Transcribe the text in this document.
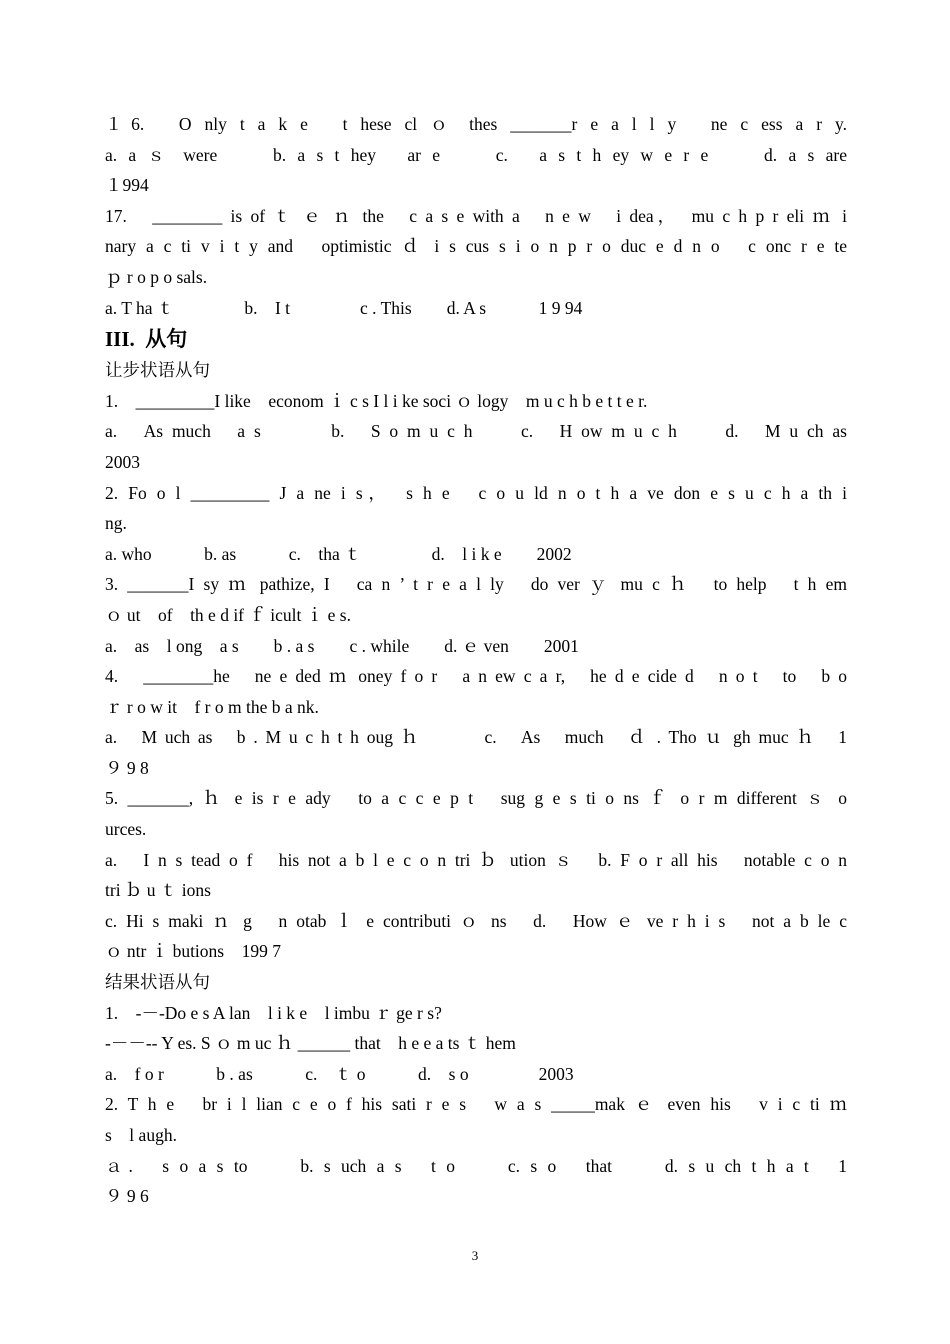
１6.　O nly t a k e　t hese cl ｏ thes _______r e a l l y　ne c ess a r y.
a. a ｓ were　　b. a s t hey　ar e　　c.　a s t h ey w e r e　　d. a s are
１994
17.　________ is of ｔ ｅ ｎ the　c a s e with a　n e w　i dea，　mu c h p r eli ｍ i
nary a c ti v i t y and　optimistic ｄ i s cus s i o n p r o duc e d n o　c onc r e te
ｐ r o p o sals.
a. T ha ｔ　　　　b.　I t　　　　c . This　　d. A s　　　1 9 94
III.  从句
让步状语从句
1.　_________I like　econom ｉ c s I l i ke soci ｏ logy　m u c h b e t t e r.
a.　As much　a s　　　b.　S o m u c h　　c.　H ow m u c h　　d.　M u ch as
2003
2. Fo o l _________ J a ne i s，　s h e　c o u ld n o t h a ve don e s u c h a th i
ng.
a. who　　　b. as　　　c.　tha ｔ　　　　d.　l i k e　　2002
3. _______I sy ｍ pathize, I　ca n ’ t r e a l ly　do ver ｙ mu c ｈ　to help　t h em
ｏ ut　of　th e d if ｆ icult ｉ e s.
a.　as　l ong　a s　　b . a s　　c . while　　d. ｅ ven　　2001
4.　________he　ne e ded ｍ oney f o r　a n ew c a r,　he d e cide d　n o t　to　b o
ｒ r o w it　f r o m the b a nk.
a.　M uch as　b . M u c h t h oug ｈ　　　c.　As　much　ｄ . Tho ｕ gh muc ｈ　1
９ 9 8
5. _______, ｈ e is r e ady　to a c c e p t　sug g e s ti o ns ｆ o r m different ｓ o
urces.
a.　I n s tead o f　his not a b l e c o n tri ｂ ution ｓ　b. F o r all his　notable c o n
tri ｂ u ｔ ions
c. Hi s maki ｎ g　n otab ｌ e contributi ｏ ns　d.　How ｅ ve r h i s　not a b le c
ｏ ntr ｉ butions　199 7
结果状语从句
1.　-－-Do e s A lan　l i k e　l imbu ｒ ge r s?
-－－-- Y es. S ｏ m uc ｈ ______ that　h e e a ts ｔ hem
a.　f o r　　　b . as　　　c.　ｔ o　　　d.　s o　　　　2003
2. T h e　br i l lian c e o f his sati r e s　w a s _____mak ｅ even his　v i c ti ｍ
s　l augh.
ａ.　s o a s to　　b. s uch a s　t o　　c. s o　that　　d. s u ch t h a t　1
９ 9 6
3
